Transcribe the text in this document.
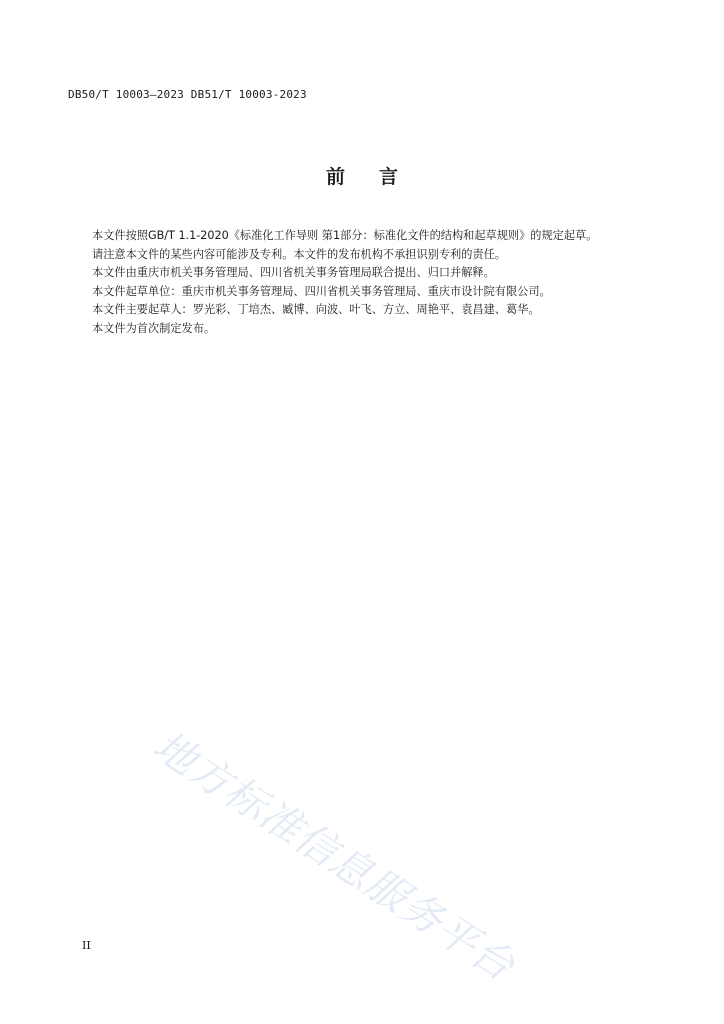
DB50/T 10003—2023 DB51/T 10003-2023
前 言

本文件按照GB/T 1.1-2020《标准化工作导则 第1部分：标准化文件的结构和起草规则》的规定起草。

请注意本文件的某些内容可能涉及专利。本文件的发布机构不承担识别专利的责任。

本文件由重庆市机关事务管理局、四川省机关事务管理局联合提出、归口并解释。

本文件起草单位：重庆市机关事务管理局、四川省机关事务管理局、重庆市设计院有限公司。

本文件主要起草人：罗光彩、丁培杰、臧博、向波、叶飞、方立、周艳平、袁昌建、葛华。

本文件为首次制定发布。

地方标准信息服务平台
II
